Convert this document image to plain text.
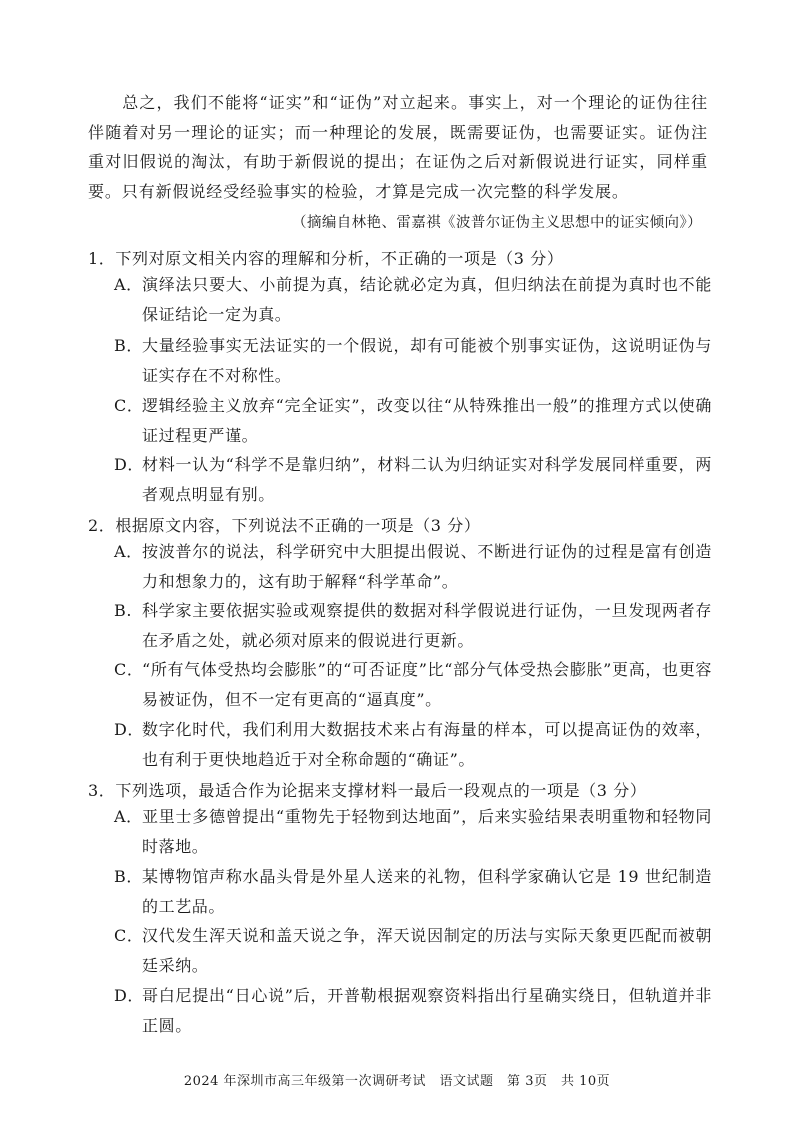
总之，我们不能将“证实”和“证伪”对立起来。事实上，对一个理论的证伪往往伴随着对另一理论的证实；而一种理论的发展，既需要证伪，也需要证实。证伪注重对旧假说的淘汰，有助于新假说的提出；在证伪之后对新假说进行证实，同样重要。只有新假说经受经验事实的检验，才算是完成一次完整的科学发展。
（摘编自林艳、雷嘉祺《波普尔证伪主义思想中的证实倾向》）
1．下列对原文相关内容的理解和分析，不正确的一项是（3 分）
A． 演绎法只要大、小前提为真，结论就必定为真，但归纳法在前提为真时也不能保证结论一定为真。
B． 大量经验事实无法证实的一个假说，却有可能被个别事实证伪，这说明证伪与证实存在不对称性。
C．
逻辑经验主义放弃“完全证实”，改变以往“从特殊推出一般”的推理方式以使确证过程更严谨。
D．
材料一认为“科学不是靠归纳”，材料二认为归纳证实对科学发展同样重要，两者观点明显有别。
2．根据原文内容，下列说法不正确的一项是（3 分）
A． 按波普尔的说法，科学研究中大胆提出假说、不断进行证伪的过程是富有创造力和想象力的，这有助于解释“科学革命”。
B. 科学家主要依据实验或观察提供的数据对科学假说进行证伪，一旦发现两者存在矛盾之处，就必须对原来的假说进行更新。
C．
“所有气体受热均会膨胀”的“可否证度”比“部分气体受热会膨胀”更高，也更容易被证伪，但不一定有更高的“逼真度”。
D．
数字化时代，我们利用大数据技术来占有海量的样本，可以提高证伪的效率，也有利于更快地趋近于对全称命题的“确证”。
3．下列选项，最适合作为论据来支撑材料一最后一段观点的一项是（3 分）
A． 亚里士多德曾提出“重物先于轻物到达地面”，后来实验结果表明重物和轻物同时落地。
B． 某博物馆声称水晶头骨是外星人送来的礼物，但科学家确认它是 19 世纪制造的工艺品。
C．
汉代发生浑天说和盖天说之争，浑天说因制定的历法与实际天象更匹配而被朝廷采纳。
D．
哥白尼提出“日心说”后，开普勒根据观察资料指出行星确实绕日，但轨道并非正圆。
2024 年深圳市高三年级第一次调研考试　语文试题　第 3页　共 10页
